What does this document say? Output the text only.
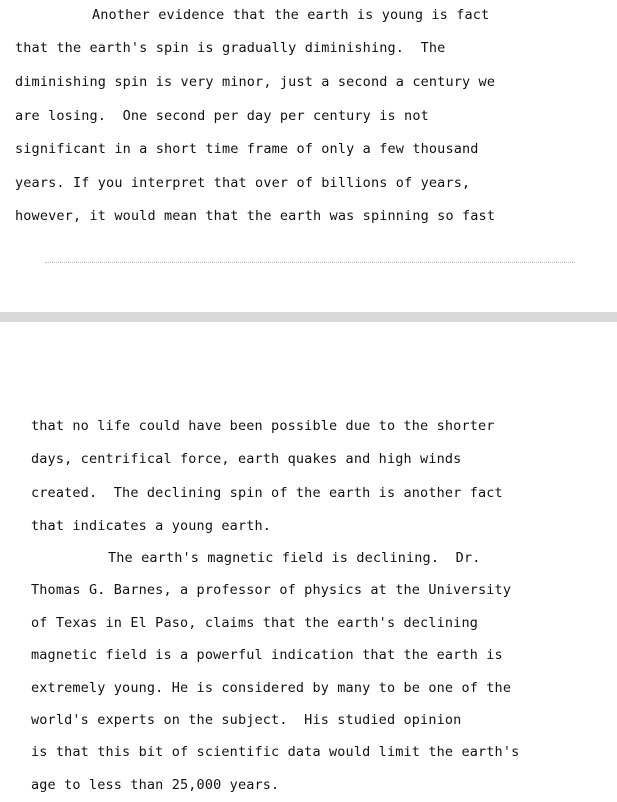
Another evidence that the earth is young is fact
that the earth's spin is gradually diminishing.  The
diminishing spin is very minor, just a second a century we
are losing.  One second per day per century is not
significant in a short time frame of only a few thousand
years. If you interpret that over of billions of years,
however, it would mean that the earth was spinning so fast
that no life could have been possible due to the shorter
days, centrifical force, earth quakes and high winds
created.  The declining spin of the earth is another fact
that indicates a young earth.
The earth's magnetic field is declining.  Dr.
Thomas G. Barnes, a professor of physics at the University
of Texas in El Paso, claims that the earth's declining
magnetic field is a powerful indication that the earth is
extremely young. He is considered by many to be one of the
world's experts on the subject.  His studied opinion
is that this bit of scientific data would limit the earth's
age to less than 25,000 years.
